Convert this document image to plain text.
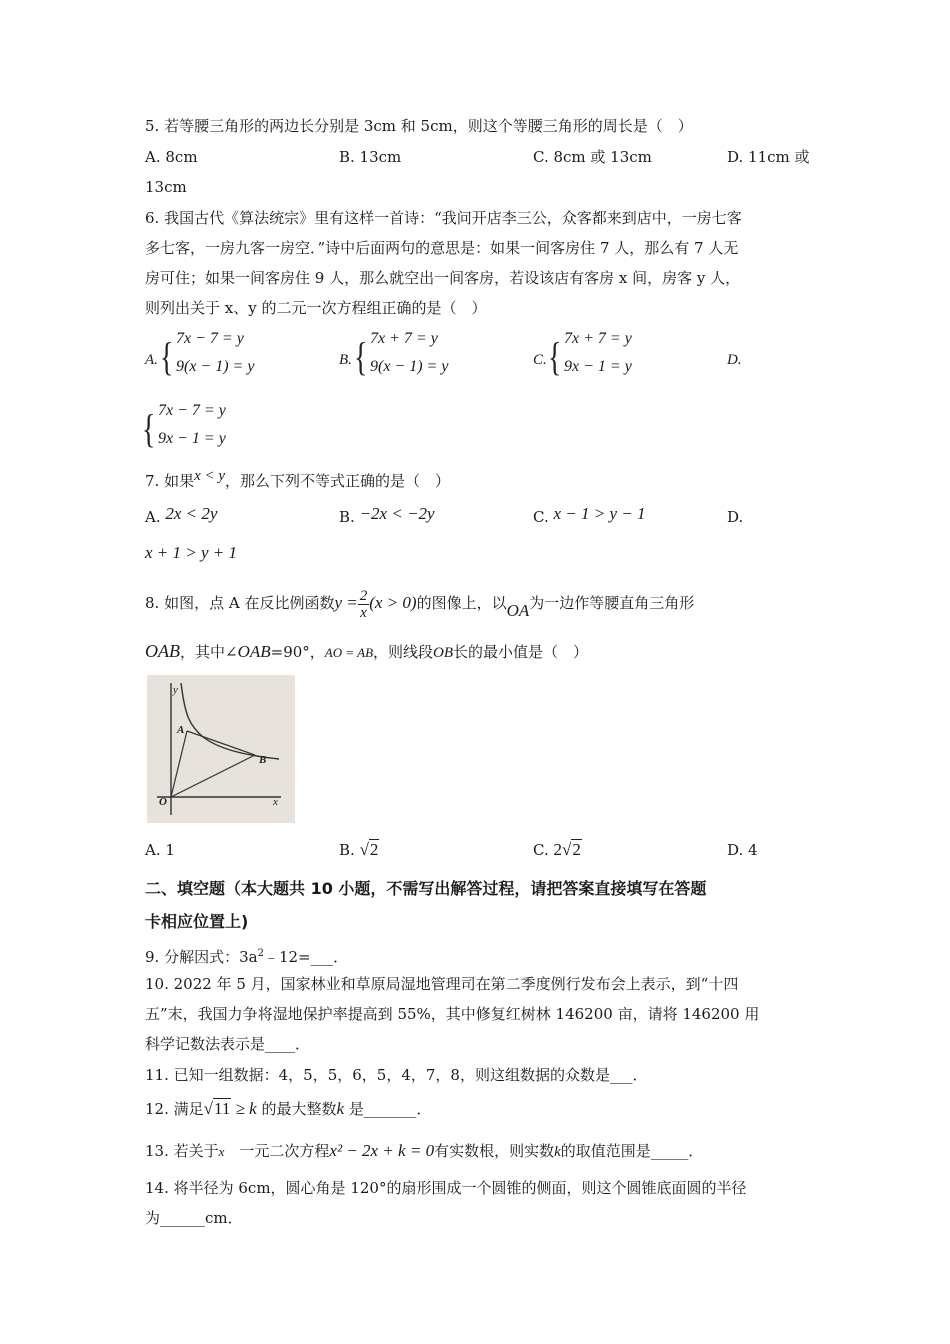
5. 若等腰三角形的两边长分别是 3cm 和 5cm，则这个等腰三角形的周长是（　）
A. 8cm	B. 13cm	C. 8cm 或 13cm	D. 11cm 或
13cm
6. 我国古代《算法统宗》里有这样一首诗：“我问开店李三公，众客都来到店中，一房七客
多七客，一房九客一房空．”诗中后面两句的意思是：如果一间客房住 7 人，那么有 7 人无
房可住；如果一间客房住 9 人，那么就空出一间客房，若设该店有客房 x 间，房客 y 人，
则列出关于 x、y 的二元一次方程组正确的是（　）
A. { 7x − 7 = y
9(x − 1) = y	B. { 7x + 7 = y
9(x − 1) = y	C. { 7x + 7 = y
9x − 1 = y	D.
{ 7x − 7 = y
9x − 1 = y
7. 如果x < y，那么下列不等式正确的是（　）
A. 2x < 2y	B. −2x < −2y	C. x − 1 > y − 1	D.
x + 1 > y + 1
8. 如图，点 A 在反比例函数$y = \frac{2}{x} (x > 0)$的图像上，以OA为一边作等腰直角三角形
OAB，其中∠OAB=90°，AO = AB，则线段OB长的最小值是（　）
y
A
B
O	x
A. 1	B. √2	C. 2√2	D. 4
二、填空题（本大题共 10 小题，不需写出解答过程，请把答案直接填写在答题
卡相应位置上)
9. 分解因式：$3a^2﹣12=\_\_\_$．
10. 2022 年 5 月，国家林业和草原局湿地管理司在第二季度例行发布会上表示，到“十四
五”末，我国力争将湿地保护率提高到 55%，其中修复红树林 146200 亩，请将 146200 用
科学记数法表示是____．
11. 已知一组数据：4，5，5，6，5，4，7，8，则这组数据的众数是___．
12. 满足√11 ≥ k 的最大整数k 是_______．
13. 若关于x　一元二次方程x² − 2x + k = 0有实数根，则实数k的取值范围是_____．
14. 将半径为 6cm，圆心角是 120°的扇形围成一个圆锥的侧面，则这个圆锥底面圆的半径
为______cm．
